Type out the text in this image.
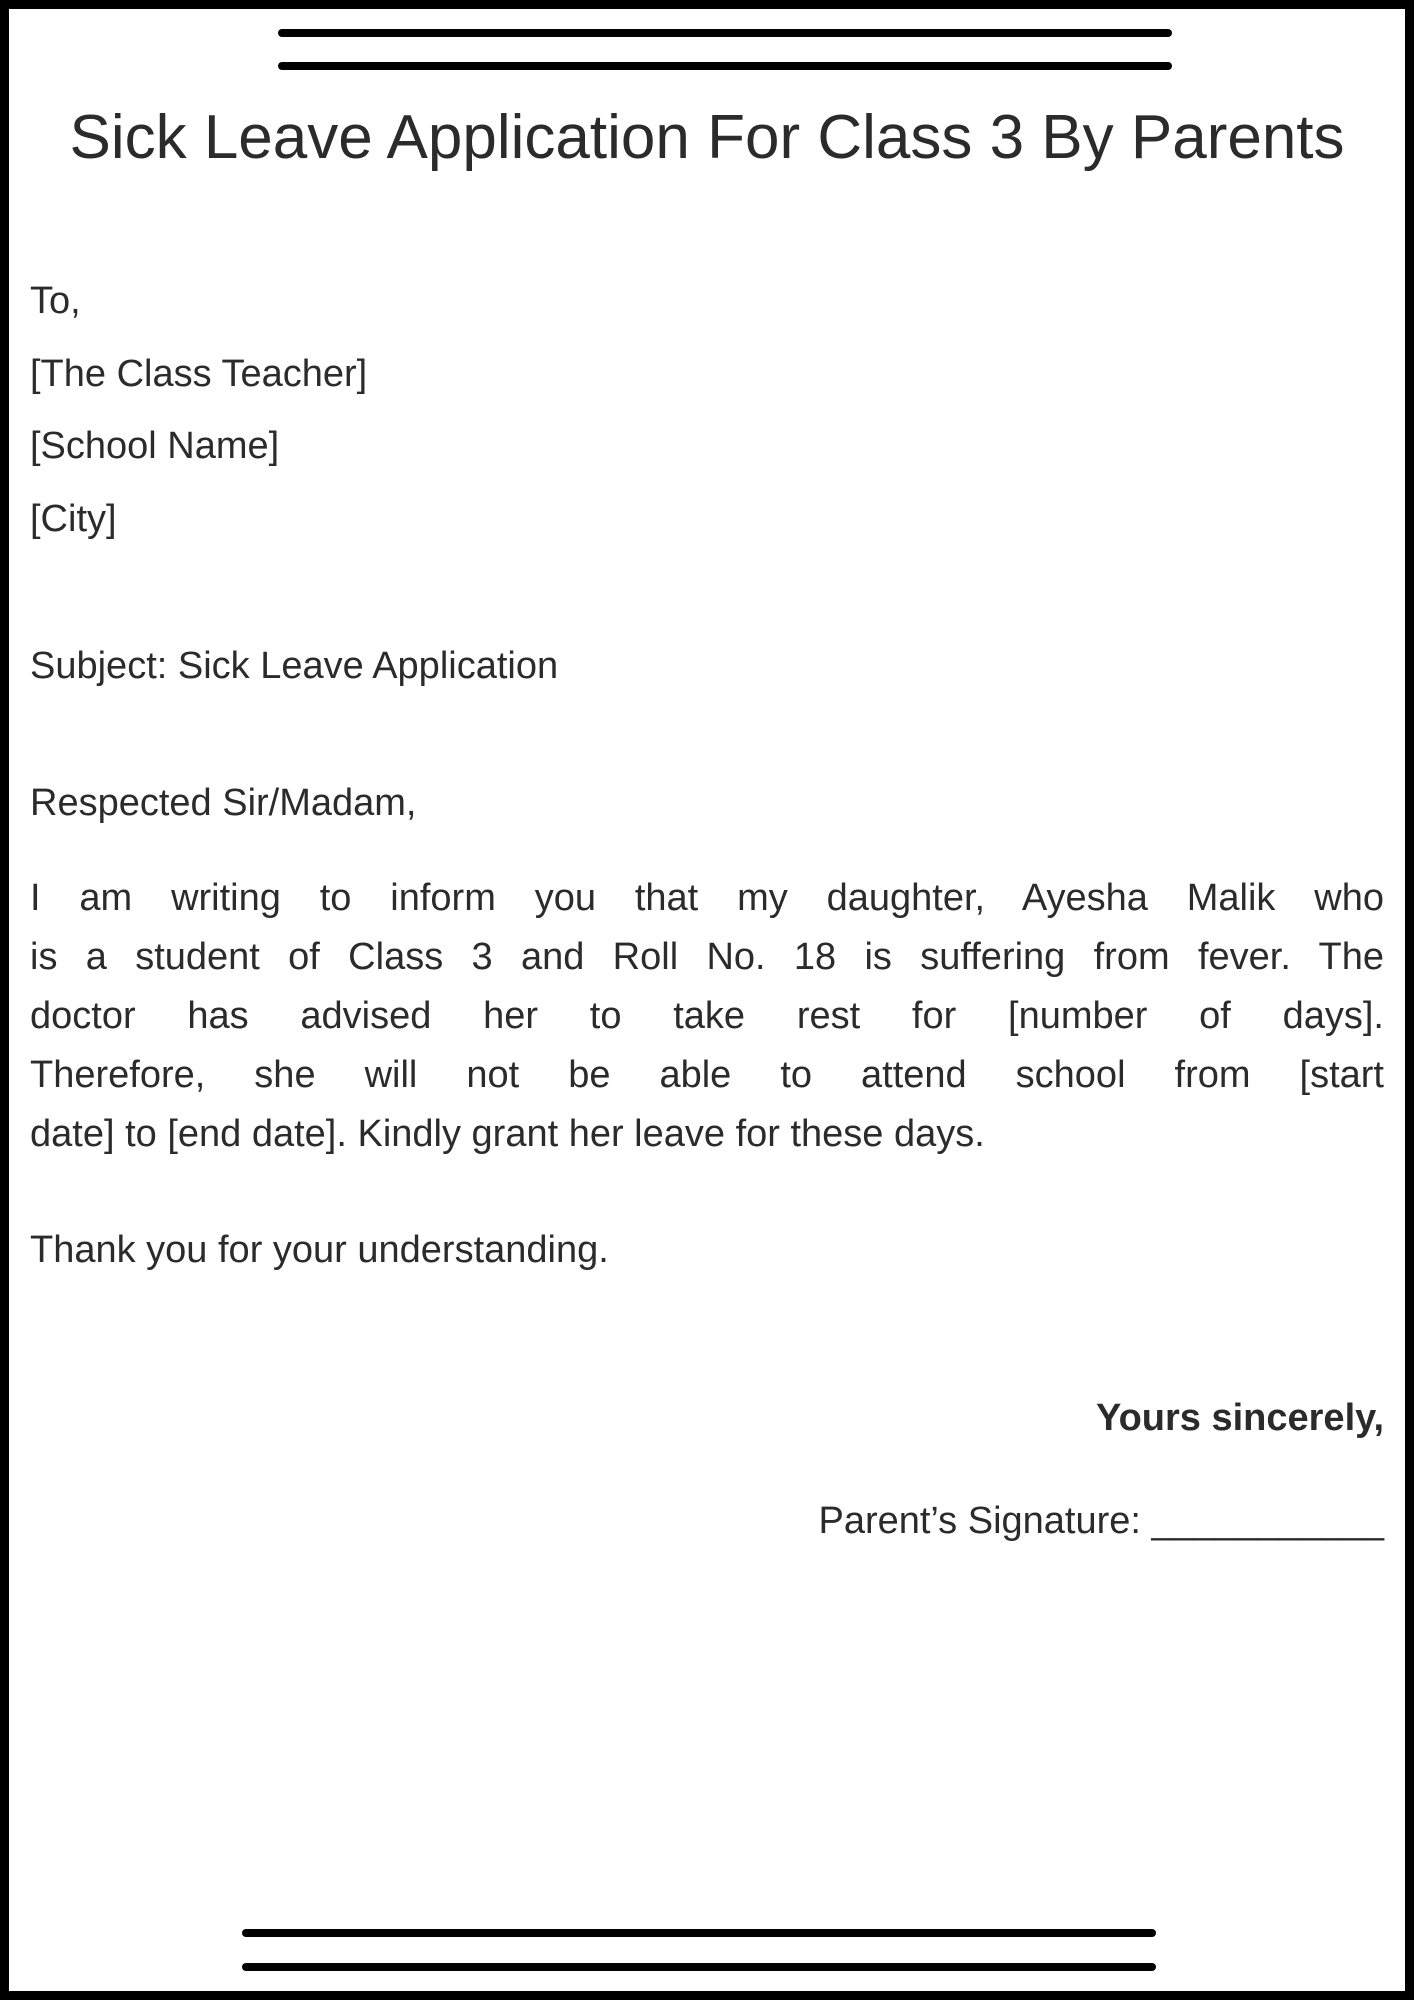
Sick Leave Application For Class 3 By Parents
To,
[The Class Teacher]
[School Name]
[City]
Subject: Sick Leave Application
Respected Sir/Madam,
I am writing to inform you that my daughter, Ayesha Malik who
is a student of Class 3 and Roll No. 18 is suffering from fever. The
doctor has advised her to take rest for [number of days].
Therefore, she will not be able to attend school from [start
date] to [end date]. Kindly grant her leave for these days.
Thank you for your understanding.
Yours sincerely,
Parent’s Signature: ___________
